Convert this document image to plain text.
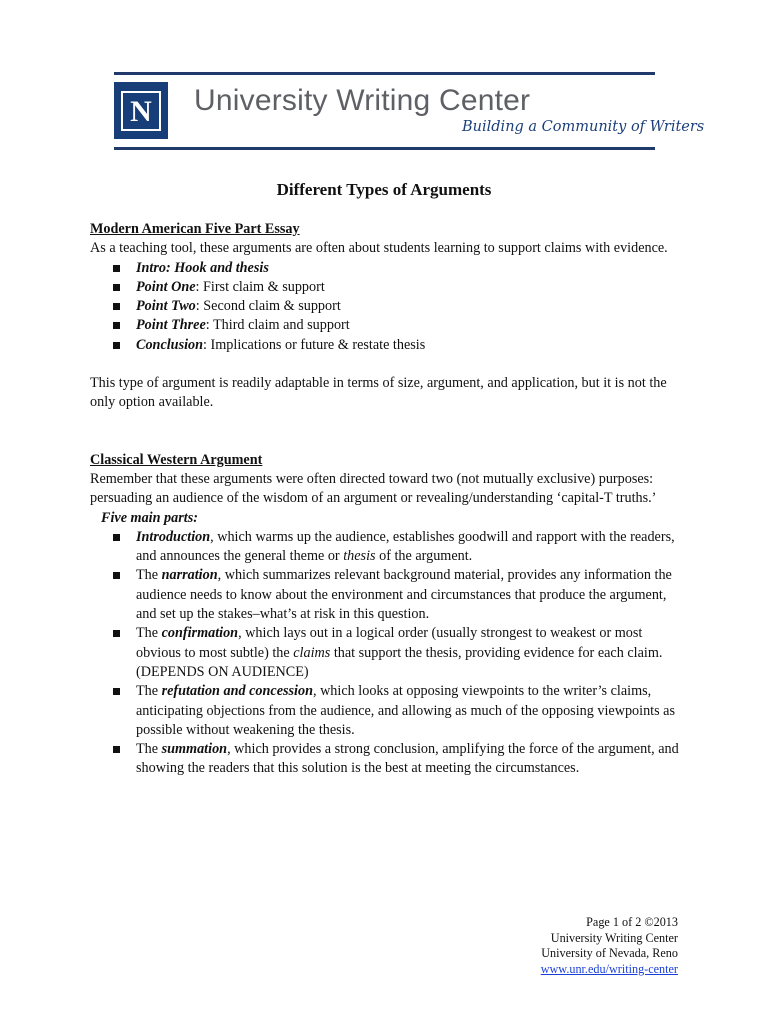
N University Writing Center
Building a Community of Writers
Different Types of Arguments
Modern American Five Part Essay

As a teaching tool, these arguments are often about students learning to support claims with evidence.

Intro: Hook and thesis
Point One: First claim & support
Point Two: Second claim & support
Point Three: Third claim and support
Conclusion: Implications or future & restate thesis

This type of argument is readily adaptable in terms of size, argument, and application, but it is not the only option available.

Classical Western Argument

Remember that these arguments were often directed toward two (not mutually exclusive) purposes: persuading an audience of the wisdom of an argument or revealing/understanding ‘capital-T truths.’

Five main parts:
Introduction, which warms up the audience, establishes goodwill and rapport with the readers, and announces the general theme or thesis of the argument.
The narration, which summarizes relevant background material, provides any information the audience needs to know about the environment and circumstances that produce the argument, and set up the stakes–what’s at risk in this question.
The confirmation, which lays out in a logical order (usually strongest to weakest or most obvious to most subtle) the claims that support the thesis, providing evidence for each claim. (DEPENDS ON AUDIENCE)
The refutation and concession, which looks at opposing viewpoints to the writer’s claims, anticipating objections from the audience, and allowing as much of the opposing viewpoints as possible without weakening the thesis.
The summation, which provides a strong conclusion, amplifying the force of the argument, and showing the readers that this solution is the best at meeting the circumstances.
Page 1 of 2 ©2013
University Writing Center
University of Nevada, Reno
www.unr.edu/writing-center
